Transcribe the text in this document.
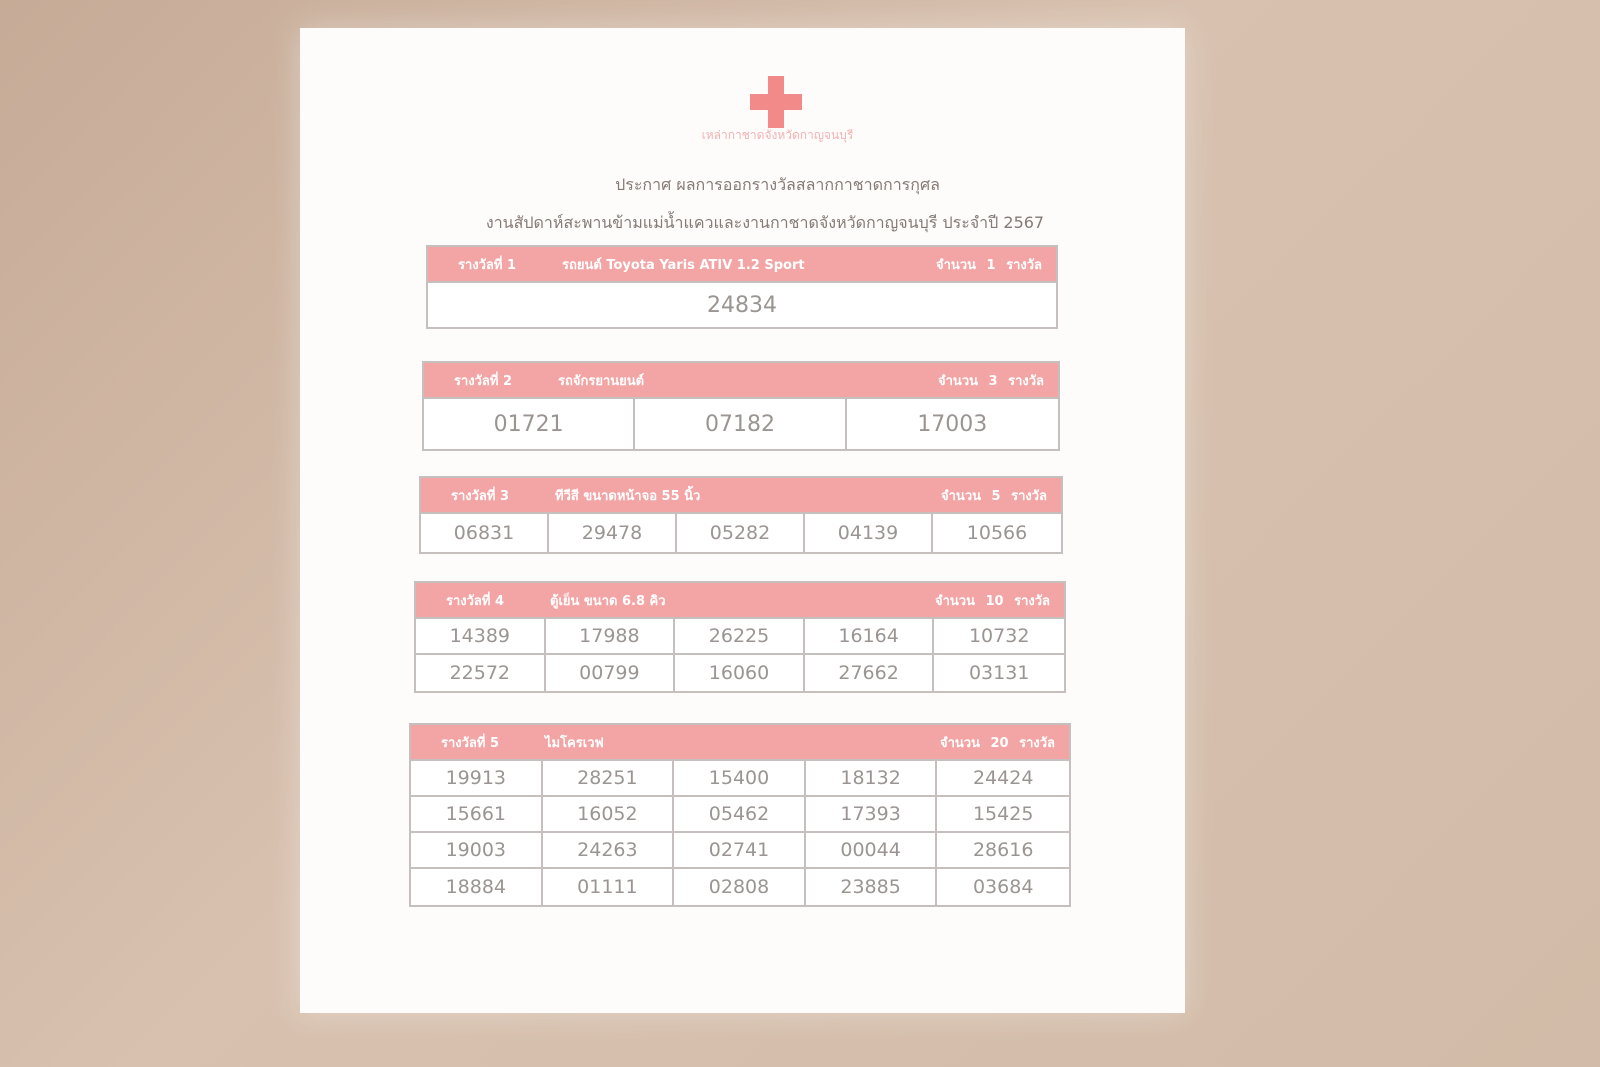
เหล่ากาชาดจังหวัดกาญจนบุรี
ประกาศ ผลการออกรางวัลสลากกาชาดการกุศล
งานสัปดาห์สะพานข้ามแม่น้ำแควและงานกาชาดจังหวัดกาญจนบุรี ประจำปี 2567
รางวัลที่ 1	รถยนต์ Toyota Yaris ATIV 1.2 Sport	จำนวน 1 รางวัล
24834
รางวัลที่ 2	รถจักรยานยนต์	จำนวน 3 รางวัล
01721	07182	17003
รางวัลที่ 3	ทีวีสี ขนาดหน้าจอ 55 นิ้ว	จำนวน 5 รางวัล
06831	29478	05282	04139	10566
รางวัลที่ 4	ตู้เย็น ขนาด 6.8 คิว	จำนวน 10 รางวัล
14389	17988	26225	16164	10732
22572	00799	16060	27662	03131
รางวัลที่ 5	ไมโครเวฟ	จำนวน 20 รางวัล
19913	28251	15400	18132	24424
15661	16052	05462	17393	15425
19003	24263	02741	00044	28616
18884	01111	02808	23885	03684
